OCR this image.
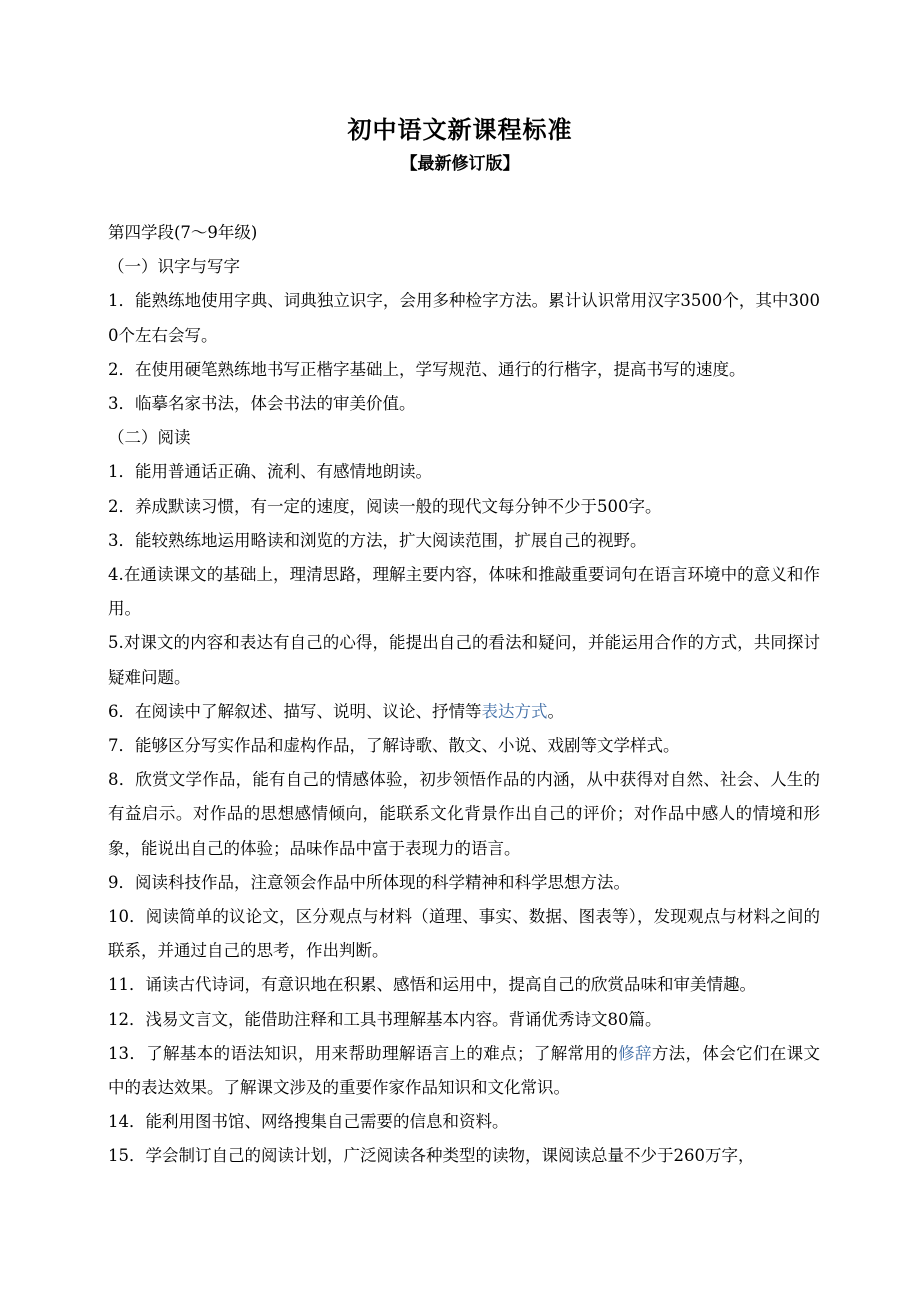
初中语文新课程标准
【最新修订版】

第四学段(7～9年级)

（一）识字与写字

1．能熟练地使用字典、词典独立识字，会用多种检字方法。累计认识常用汉字3500个，其中3000个左右会写。

2．在使用硬笔熟练地书写正楷字基础上，学写规范、通行的行楷字，提高书写的速度。

3．临摹名家书法，体会书法的审美价值。

（二）阅读

1．能用普通话正确、流利、有感情地朗读。

2．养成默读习惯，有一定的速度，阅读一般的现代文每分钟不少于500字。

3．能较熟练地运用略读和浏览的方法，扩大阅读范围，扩展自己的视野。

4.在通读课文的基础上，理清思路，理解主要内容，体味和推敲重要词句在语言环境中的意义和作用。

5.对课文的内容和表达有自己的心得，能提出自己的看法和疑问，并能运用合作的方式，共同探讨疑难问题。

6．在阅读中了解叙述、描写、说明、议论、抒情等表达方式。

7．能够区分写实作品和虚构作品，了解诗歌、散文、小说、戏剧等文学样式。

8．欣赏文学作品，能有自己的情感体验，初步领悟作品的内涵，从中获得对自然、社会、人生的有益启示。对作品的思想感情倾向，能联系文化背景作出自己的评价；对作品中感人的情境和形象，能说出自己的体验；品味作品中富于表现力的语言。

9．阅读科技作品，注意领会作品中所体现的科学精神和科学思想方法。

10．阅读简单的议论文，区分观点与材料（道理、事实、数据、图表等），发现观点与材料之间的联系，并通过自己的思考，作出判断。

11．诵读古代诗词，有意识地在积累、感悟和运用中，提高自己的欣赏品味和审美情趣。

12．浅易文言文，能借助注释和工具书理解基本内容。背诵优秀诗文80篇。

13．了解基本的语法知识，用来帮助理解语言上的难点；了解常用的修辞方法，体会它们在课文中的表达效果。了解课文涉及的重要作家作品知识和文化常识。

14．能利用图书馆、网络搜集自己需要的信息和资料。

15．学会制订自己的阅读计划，广泛阅读各种类型的读物，课阅读总量不少于260万字，
